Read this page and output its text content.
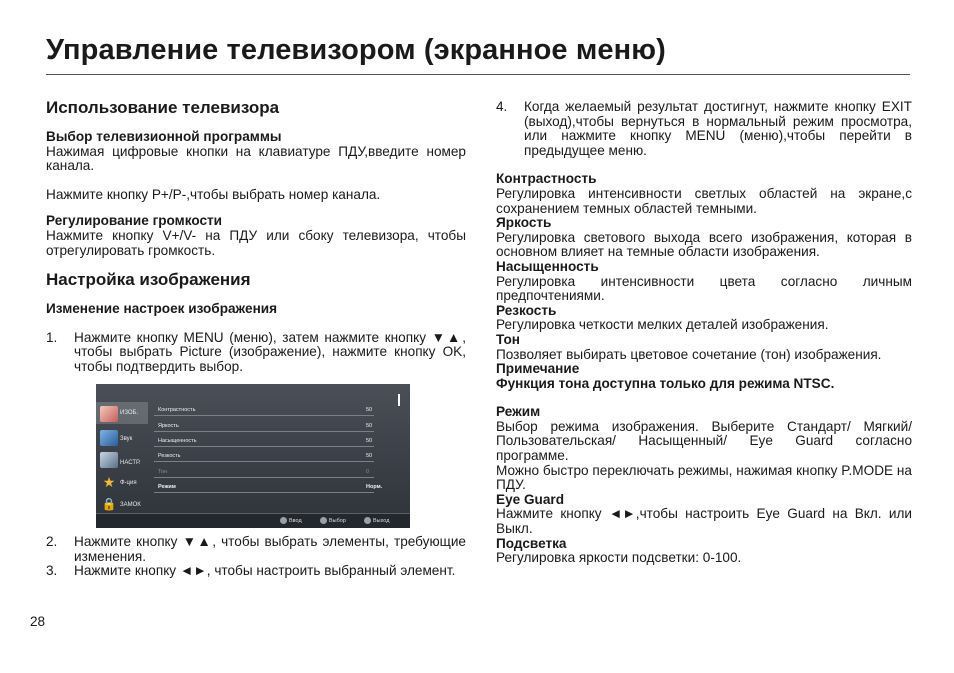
Управление телевизором (экранное меню)
Использование телевизора
Выбор телевизионной программы

Нажимая цифровые кнопки на клавиатуре ПДУ,введите номер канала.

Нажмите кнопку P+/P-,чтобы выбрать номер канала.

Регулирование громкости

Нажмите кнопку V+/V- на ПДУ или сбоку телевизора, чтобы отрегулировать громкость.

Настройка изображения
Изменение настроек изображения
1.	Нажмите кнопку MENU (меню), затем нажмите кнопку ▼▲, чтобы выбрать Picture (изображение), нажмите кнопку OK, чтобы подтвердить выбор.
ИЗОБ.
Звук
НАСТР.
★ Ф-ция
🔒 ЗАМОК
Контрастность	50
Яркость	50
Насыщенность	50
Резкость	50
Тон	0
Режим	Норм.
Ввод	Выбор	Выход
2.	Нажмите кнопку ▼▲, чтобы выбрать элементы, требующие изменения.
3.	Нажмите кнопку ◄►, чтобы настроить выбранный элемент.
4.	Когда желаемый результат достигнут, нажмите кнопку EXIT (выход),чтобы вернуться в нормальный режим просмотра, или нажмите кнопку MENU (меню),чтобы перейти в предыдущее меню.
Контрастность

Регулировка интенсивности светлых областей на экране,с сохранением темных областей темными.

Яркость

Регулировка светового выхода всего изображения, которая в основном влияет на темные области изображения.

Насыщенность

Регулировка интенсивности цвета согласно личным предпочтениями.

Резкость

Регулировка четкости мелких деталей изображения.

Тон

Позволяет выбирать цветовое сочетание (тон) изображения.

Примечание
Функция тона доступна только для режима NTSC.
Режим

Выбор режима изображения. Выберите Стандарт/ Мягкий/ Пользовательская/ Насыщенный/ Eye Guard согласно программе.

Можно быстро переключать режимы, нажимая кнопку P.MODE на ПДУ.

Eye Guard

Нажмите кнопку ◄►,чтобы настроить Eye Guard на Вкл. или Выкл.

Подсветка

Регулировка яркости подсветки: 0-100.

28
